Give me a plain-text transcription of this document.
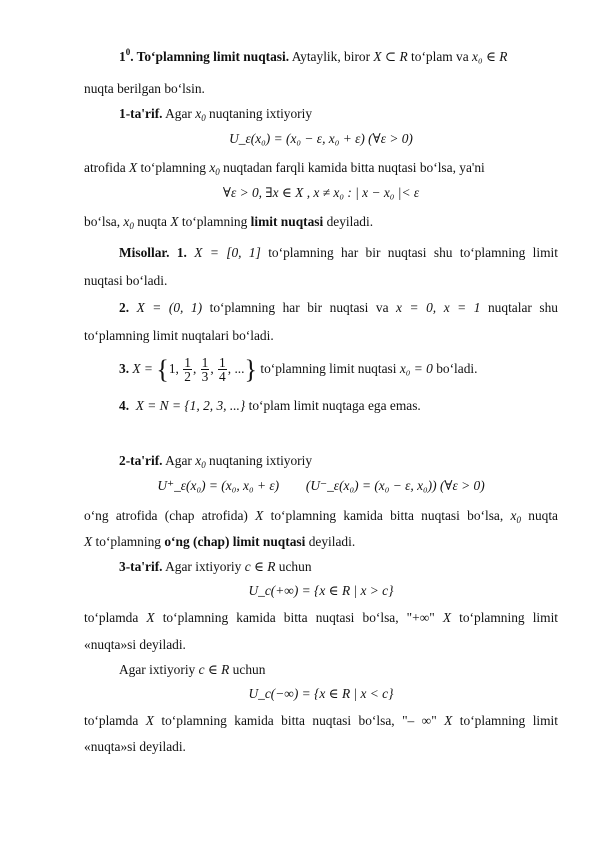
$1^0$. To‘plamning limit nuqtasi. Aytaylik, biror X ⊂ R to‘plam va x₀ ∈ R
nuqta berilgan bo‘lsin.
1-ta'rif. Agar $x_0$ nuqtaning ixtiyoriy
U_ε(x₀) = (x₀ − ε, x₀ + ε) (∀ε > 0)
atrofida X to‘plamning $x_0$ nuqtadan farqli kamida bitta nuqtasi bo‘lsa, ya'ni
∀ε > 0, ∃x ∈ X , x ≠ x₀ : | x − x₀ |< ε
bo‘lsa, $x_0$ nuqta X to‘plamning limit nuqtasi deyiladi.
Misollar. 1. X = [0, 1] to‘plamning har bir nuqtasi shu to‘plamning limit
nuqtasi bo‘ladi.
2. X = (0, 1) to‘plamning har bir nuqtasi va x = 0, x = 1 nuqtalar shu
to‘plamning limit nuqtalari bo‘ladi.
3. X = {1, $\frac{1}{2}$ , $\frac{1}{3}$ , $\frac{1}{4}$ , ...} to‘plamning limit nuqtasi x₀ = 0 bo‘ladi.
4. X = N = {1, 2, 3, ...} to‘plam limit nuqtaga ega emas.
2-ta'rif. Agar $x_0$ nuqtaning ixtiyoriy
U⁺_ε(x₀) = (x₀, x₀ + ε) (U⁻_ε(x₀) = (x₀ − ε, x₀)) (∀ε > 0)
o‘ng atrofida (chap atrofida) X to‘plamning kamida bitta nuqtasi bo‘lsa, $x_0$ nuqta
X to‘plamning o‘ng (chap) limit nuqtasi deyiladi.
3-ta'rif. Agar ixtiyoriy c ∈ R uchun
U_c(+∞) = {x ∈ R | x > c}
to‘plamda X to‘plamning kamida bitta nuqtasi bo‘lsa, "+∞" X to‘plamning limit
«nuqta»si deyiladi.
Agar ixtiyoriy c ∈ R uchun
U_c(−∞) = {x ∈ R | x < c}
to‘plamda X to‘plamning kamida bitta nuqtasi bo‘lsa, "– ∞" X to‘plamning limit
«nuqta»si deyiladi.
